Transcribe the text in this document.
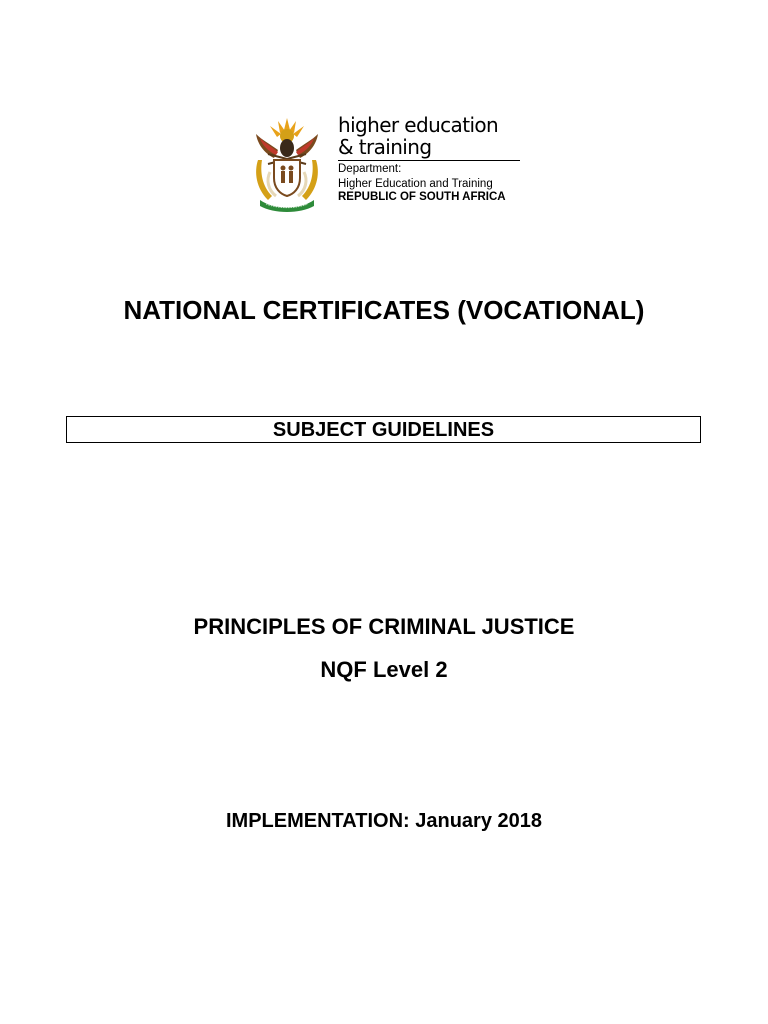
higher education
& training
Department:
Higher Education and Training
REPUBLIC OF SOUTH AFRICA
NATIONAL CERTIFICATES (VOCATIONAL)
SUBJECT GUIDELINES
PRINCIPLES OF CRIMINAL JUSTICE
NQF Level 2
IMPLEMENTATION: January 2018
